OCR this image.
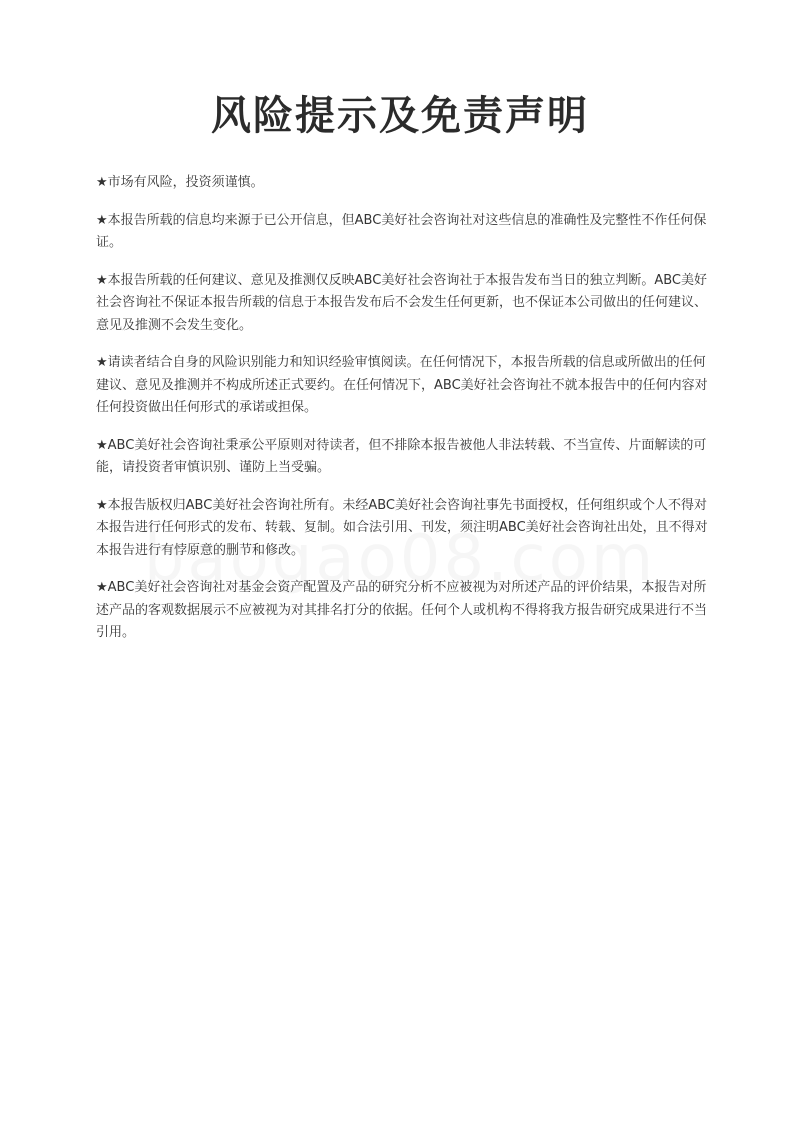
风险提示及免责声明

★市场有风险，投资须谨慎。

★本报告所载的信息均来源于已公开信息，但ABC美好社会咨询社对这些信息的准确性及完整性不作任何保证。

★本报告所载的任何建议、意见及推测仅反映ABC美好社会咨询社于本报告发布当日的独立判断。ABC美好社会咨询社不保证本报告所载的信息于本报告发布后不会发生任何更新，也不保证本公司做出的任何建议、意见及推测不会发生变化。

★请读者结合自身的风险识别能力和知识经验审慎阅读。在任何情况下，本报告所载的信息或所做出的任何建议、意见及推测并不构成所述正式要约。在任何情况下，ABC美好社会咨询社不就本报告中的任何内容对任何投资做出任何形式的承诺或担保。

★ABC美好社会咨询社秉承公平原则对待读者，但不排除本报告被他人非法转载、不当宣传、片面解读的可能，请投资者审慎识别、谨防上当受骗。

★本报告版权归ABC美好社会咨询社所有。未经ABC美好社会咨询社事先书面授权，任何组织或个人不得对本报告进行任何形式的发布、转载、复制。如合法引用、刊发，须注明ABC美好社会咨询社出处，且不得对本报告进行有悖原意的删节和修改。

★ABC美好社会咨询社对基金会资产配置及产品的研究分析不应被视为对所述产品的评价结果，本报告对所述产品的客观数据展示不应被视为对其排名打分的依据。任何个人或机构不得将我方报告研究成果进行不当引用。
